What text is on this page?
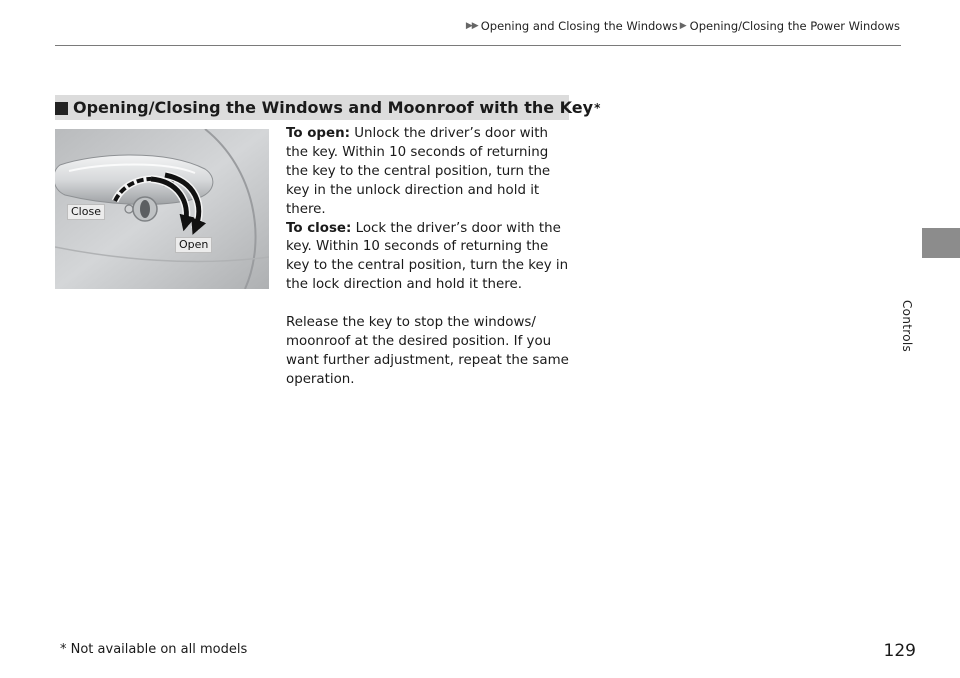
▶▶ Opening and Closing the Windows ▶ Opening/Closing the Power Windows
Controls
Opening/Closing the Windows and Moonroof with the Key *
Close
Open

To open: Unlock the driver’s door with the key. Within 10 seconds of returning the key to the central position, turn the key in the unlock direction and hold it there.

To close: Lock the driver’s door with the key. Within 10 seconds of returning the key to the central position, turn the key in the lock direction and hold it there.

Release the key to stop the windows/ moonroof at the desired position. If you want further adjustment, repeat the same operation.

* Not available on all models	129
